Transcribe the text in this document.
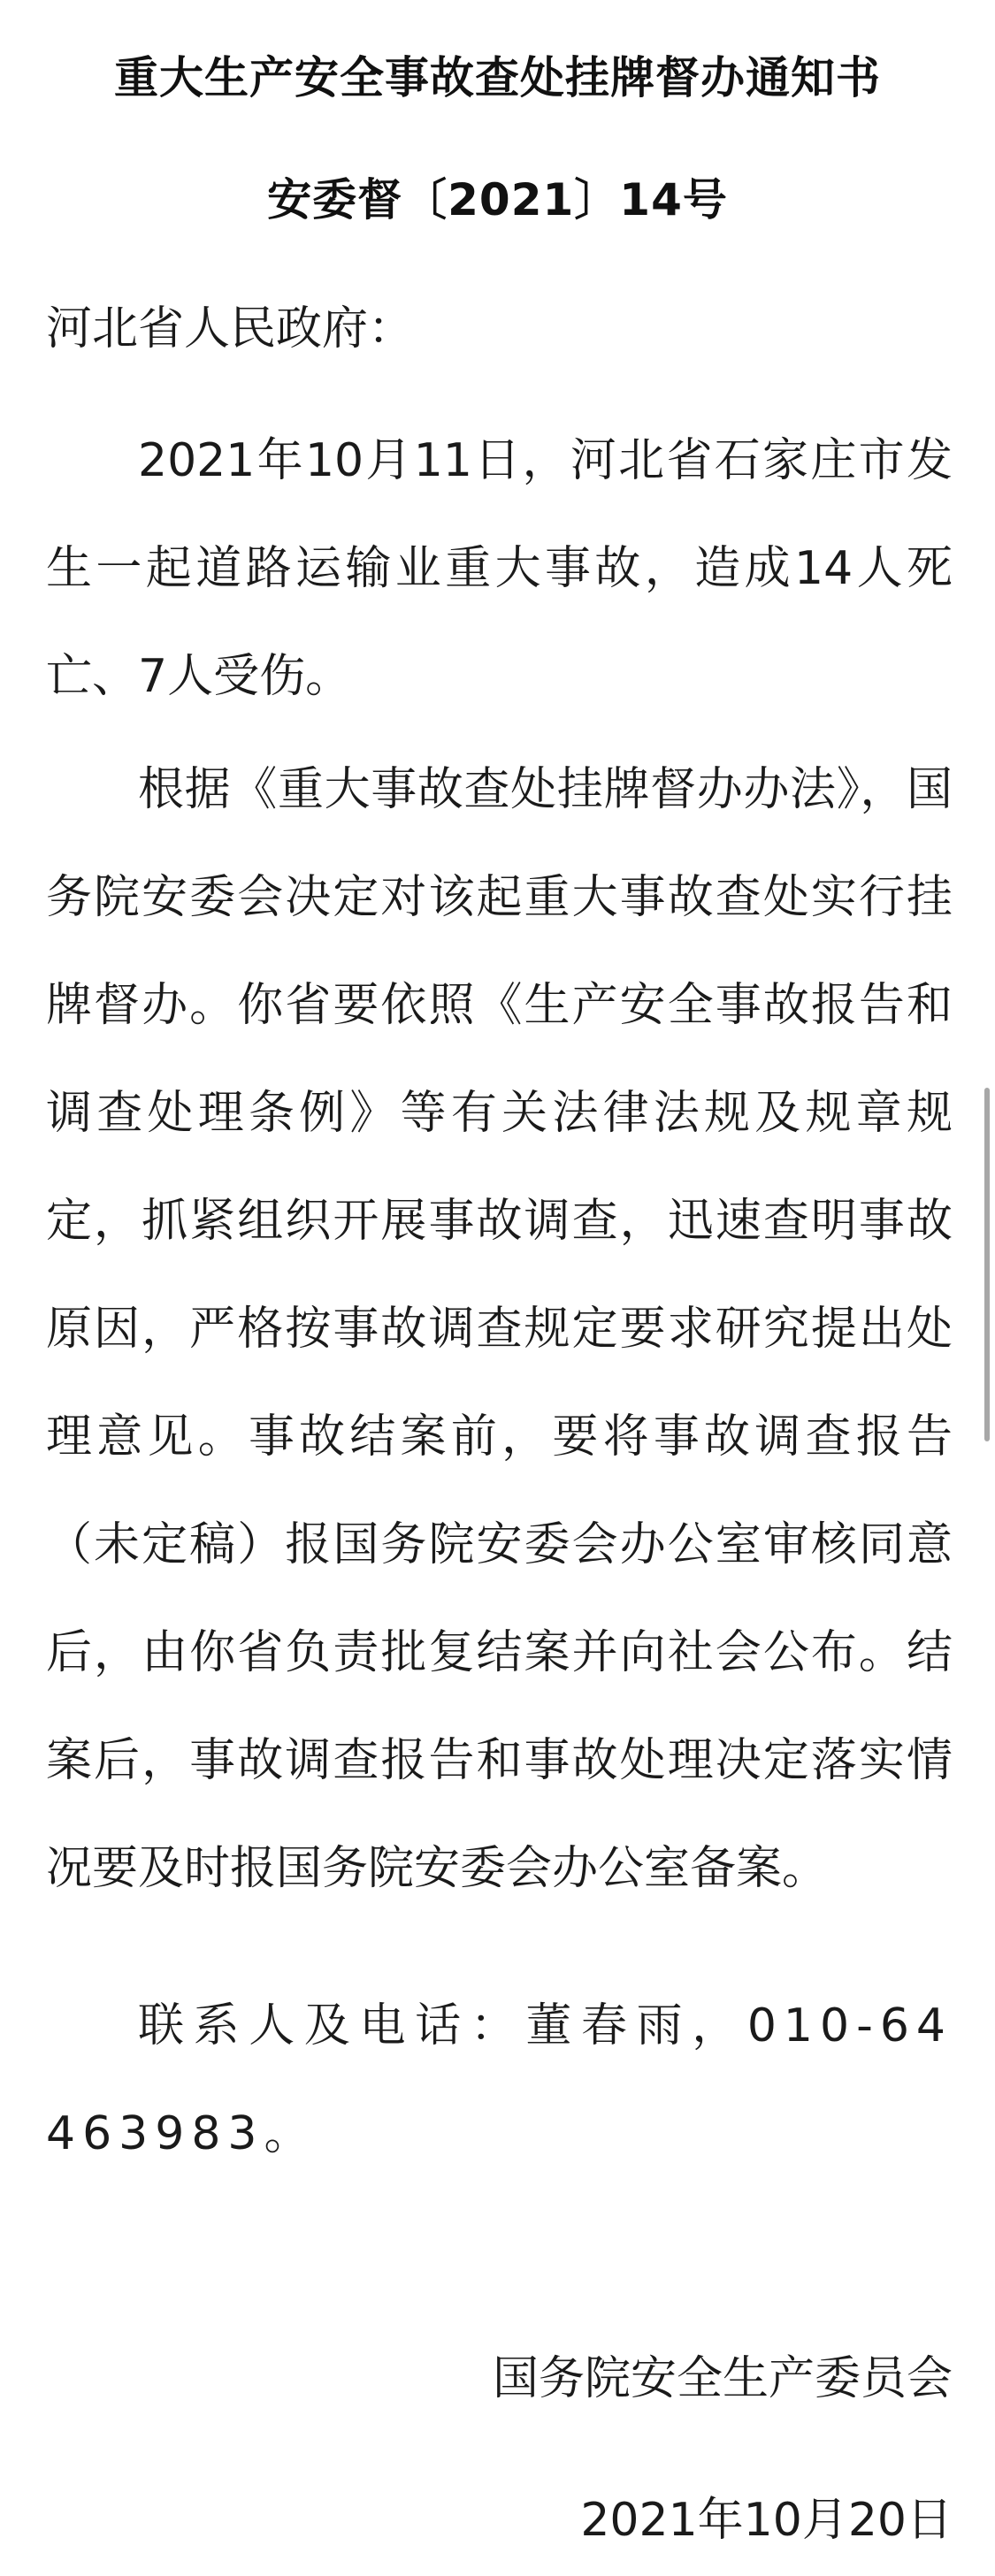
重大生产安全事故查处挂牌督办通知书
安委督〔2021〕14号

河北省人民政府：

2021年10月11日，河北省石家庄市发生一起道路运输业重大事故，造成14人死亡、7人受伤。

根据《重大事故查处挂牌督办办法》，国务院安委会决定对该起重大事故查处实行挂牌督办。你省要依照《生产安全事故报告和调查处理条例》等有关法律法规及规章规定，抓紧组织开展事故调查，迅速查明事故原因，严格按事故调查规定要求研究提出处理意见。事故结案前，要将事故调查报告（未定稿）报国务院安委会办公室审核同意后，由你省负责批复结案并向社会公布。结案后，事故调查报告和事故处理决定落实情况要及时报国务院安委会办公室备案。

联系人及电话：董春雨，010-64463983。

国务院安全生产委员会

2021年10月20日
